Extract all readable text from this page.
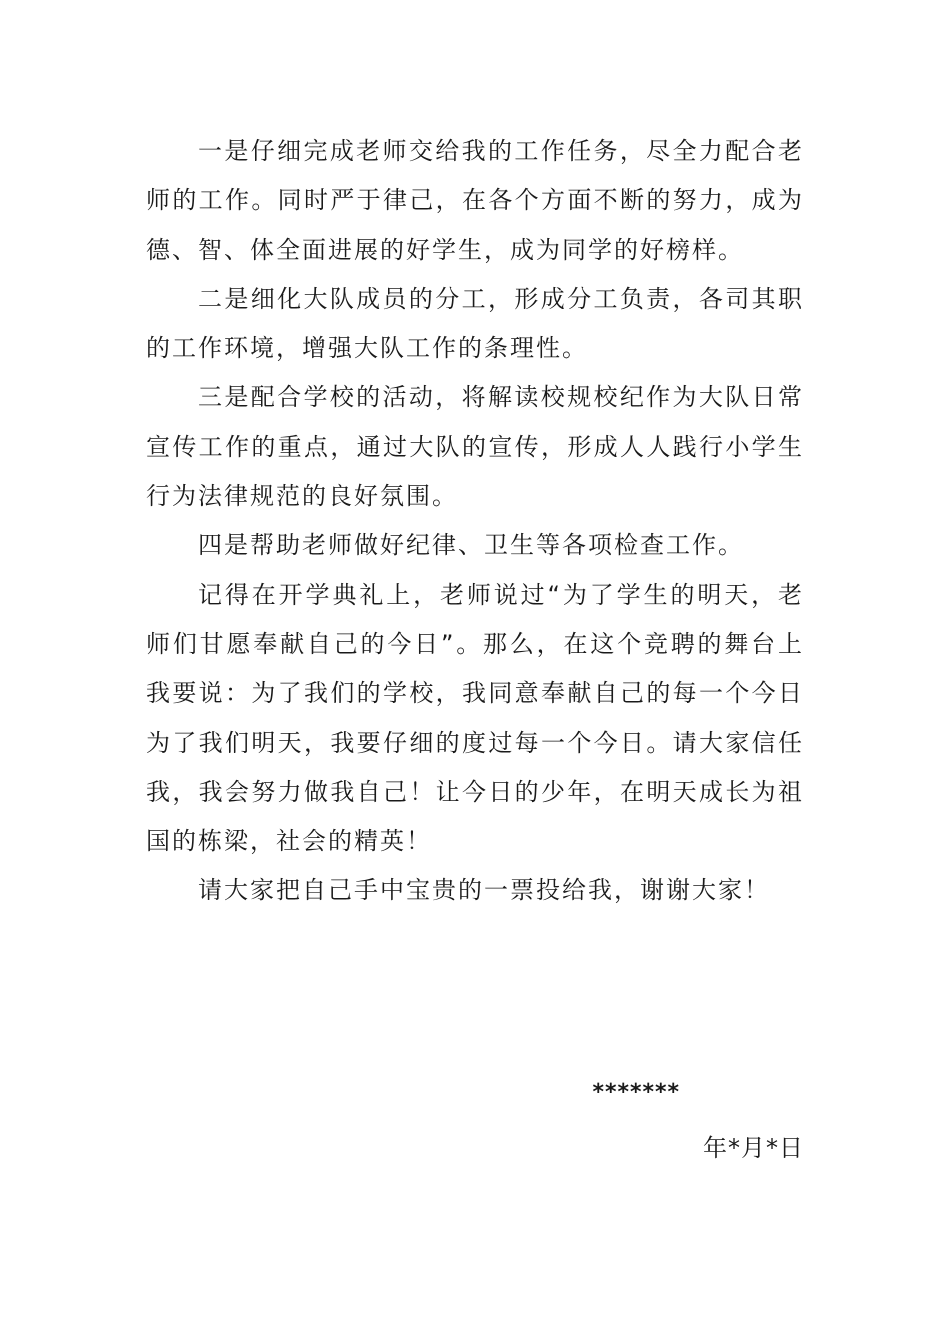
一是仔细完成老师交给我的工作任务，尽全力配合老师的工作。同时严于律己，在各个方面不断的努力，成为德、智、体全面进展的好学生，成为同学的好榜样。

二是细化大队成员的分工，形成分工负责，各司其职的工作环境，增强大队工作的条理性。

三是配合学校的活动，将解读校规校纪作为大队日常宣传工作的重点，通过大队的宣传，形成人人践行小学生行为法律规范的良好氛围。

四是帮助老师做好纪律、卫生等各项检查工作。

记得在开学典礼上，老师说过“为了学生的明天，老师们甘愿奉献自己的今日”。那么，在这个竞聘的舞台上我要说：为了我们的学校，我同意奉献自己的每一个今日为了我们明天，我要仔细的度过每一个今日。请大家信任我，我会努力做我自己！让今日的少年，在明天成长为祖国的栋梁，社会的精英！

请大家把自己手中宝贵的一票投给我，谢谢大家！

*******
年*月*日
